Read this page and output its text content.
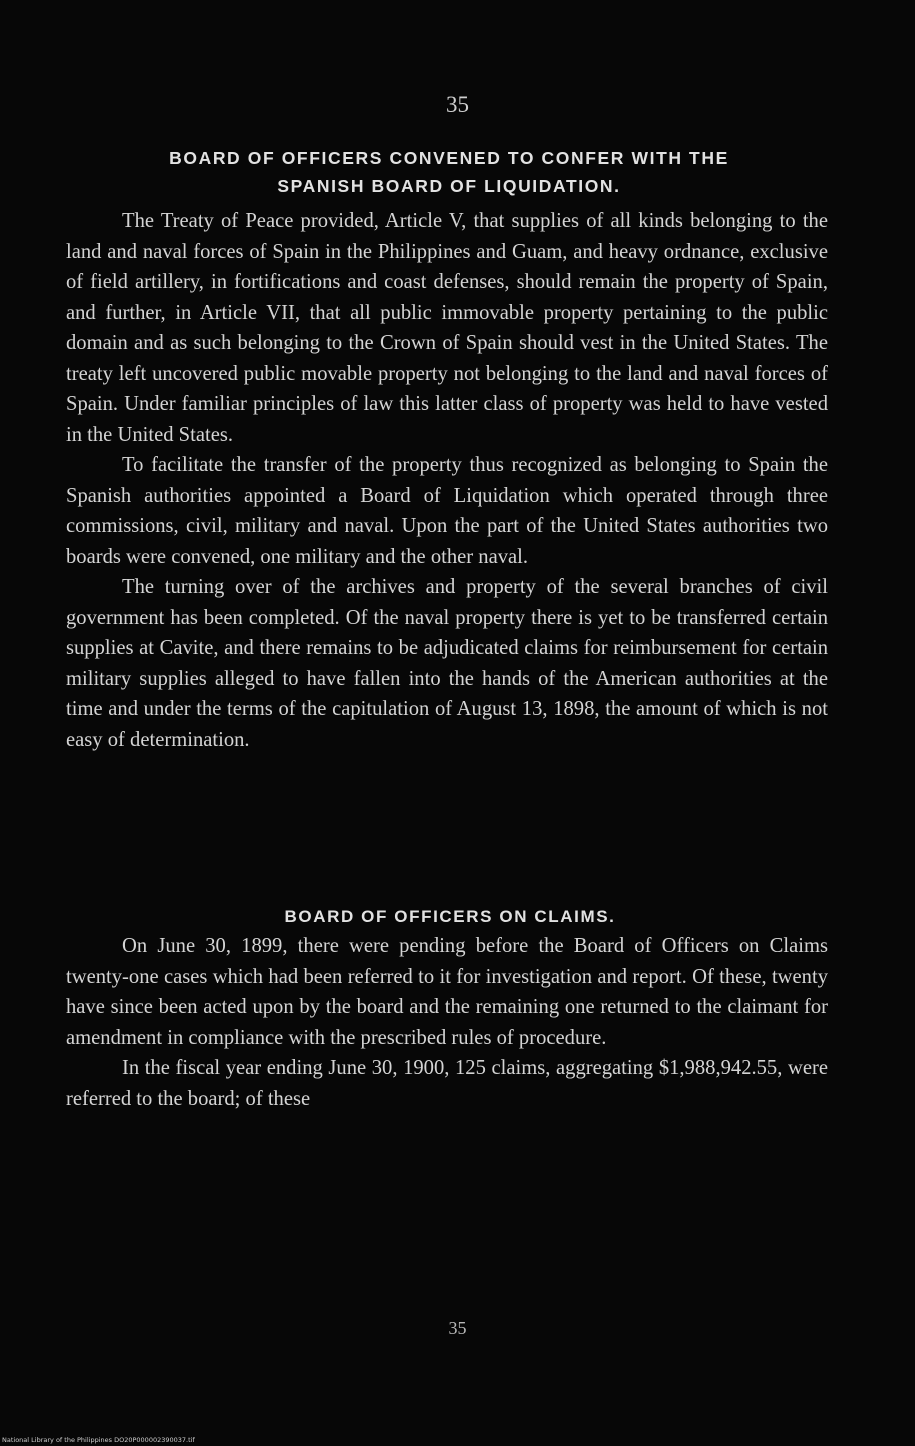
35
BOARD OF OFFICERS CONVENED TO CONFER WITH THE
SPANISH BOARD OF LIQUIDATION.

The Treaty of Peace provided, Article V, that supplies of all kinds belonging to the land and naval forces of Spain in the Philippines and Guam, and heavy ordnance, exclusive of field artillery, in fortifications and coast defenses, should remain the property of Spain, and further, in Article VII, that all public immovable property pertaining to the public domain and as such belonging to the Crown of Spain should vest in the United States. The treaty left uncovered public movable property not belonging to the land and naval forces of Spain. Under familiar principles of law this latter class of property was held to have vested in the United States.

To facilitate the transfer of the property thus recognized as belonging to Spain the Spanish authorities appointed a Board of Liquidation which operated through three commissions, civil, military and naval. Upon the part of the United States authorities two boards were convened, one military and the other naval.

The turning over of the archives and property of the several branches of civil government has been completed. Of the naval property there is yet to be transferred certain supplies at Cavite, and there remains to be adjudicated claims for reimbursement for certain military supplies alleged to have fallen into the hands of the American authorities at the time and under the terms of the capitulation of August 13, 1898, the amount of which is not easy of determination.

BOARD OF OFFICERS ON CLAIMS.

On June 30, 1899, there were pending before the Board of Officers on Claims twenty-one cases which had been referred to it for investigation and report. Of these, twenty have since been acted upon by the board and the remaining one returned to the claimant for amendment in compliance with the prescribed rules of procedure.

In the fiscal year ending June 30, 1900, 125 claims, aggregating $1,988,942.55, were referred to the board; of these

35
National Library of the Philippines DO20P000002390037.tif
